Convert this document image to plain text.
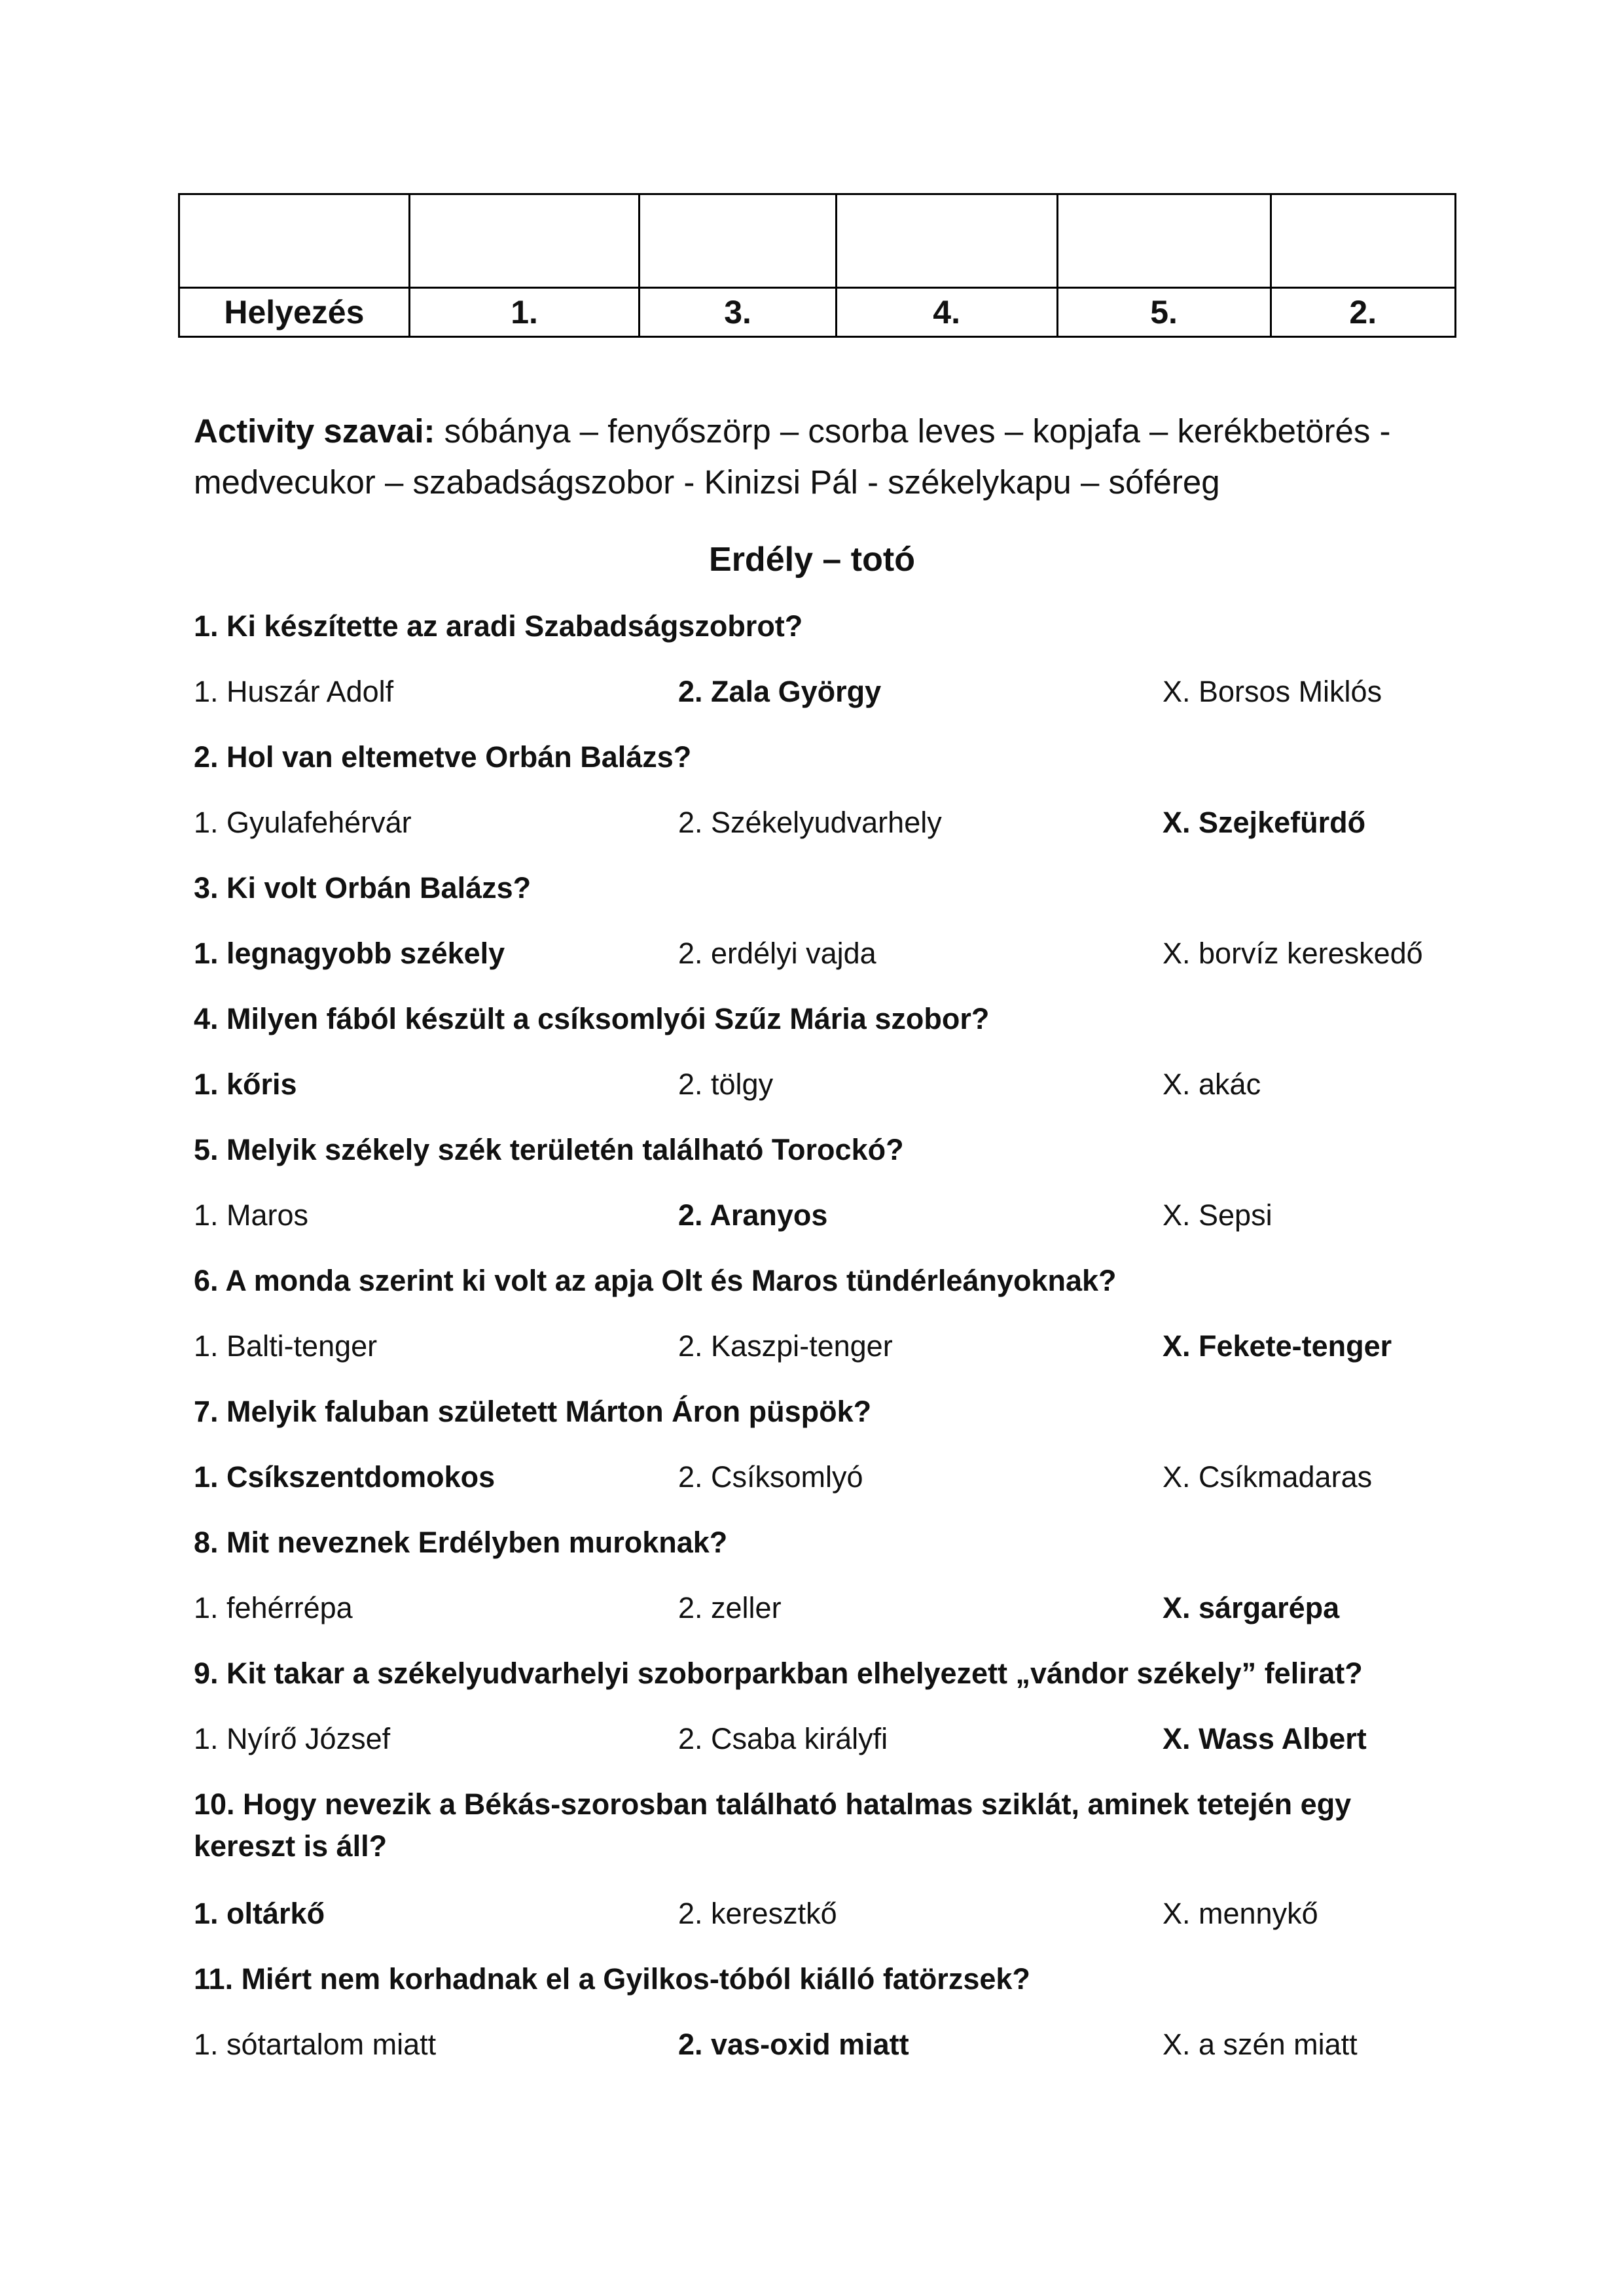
Helyezés	1.	3.	4.	5.	2.
Activity szavai: sóbánya – fenyőszörp – csorba leves – kopjafa – kerékbetörés - medvecukor – szabadságszobor - Kinizsi Pál - székelykapu – sóféreg
Erdély – totó
1. Ki készítette az aradi Szabadságszobrot?
1. Huszár Adolf	2. Zala György	X. Borsos Miklós
2. Hol van eltemetve Orbán Balázs?
1. Gyulafehérvár	2. Székelyudvarhely	X. Szejkefürdő
3. Ki volt Orbán Balázs?
1. legnagyobb székely	2. erdélyi vajda	X. borvíz kereskedő
4. Milyen fából készült a csíksomlyói Szűz Mária szobor?
1. kőris	2. tölgy	X. akác
5. Melyik székely szék területén található Torockó?
1. Maros	2. Aranyos	X. Sepsi
6. A monda szerint ki volt az apja Olt és Maros tündérleányoknak?
1. Balti-tenger	2. Kaszpi-tenger	X. Fekete-tenger
7. Melyik faluban született Márton Áron püspök?
1. Csíkszentdomokos	2. Csíksomlyó	X. Csíkmadaras
8. Mit neveznek Erdélyben muroknak?
1. fehérrépa	2. zeller	X. sárgarépa
9. Kit takar a székelyudvarhelyi szoborparkban elhelyezett „vándor székely” felirat?
1. Nyírő József	2. Csaba királyfi	X. Wass Albert
10. Hogy nevezik a Békás-szorosban található hatalmas sziklát, aminek tetején egy kereszt is áll?
1. oltárkő	2. keresztkő	X. mennykő
11. Miért nem korhadnak el a Gyilkos-tóból kiálló fatörzsek?
1. sótartalom miatt	2. vas-oxid miatt	X. a szén miatt
